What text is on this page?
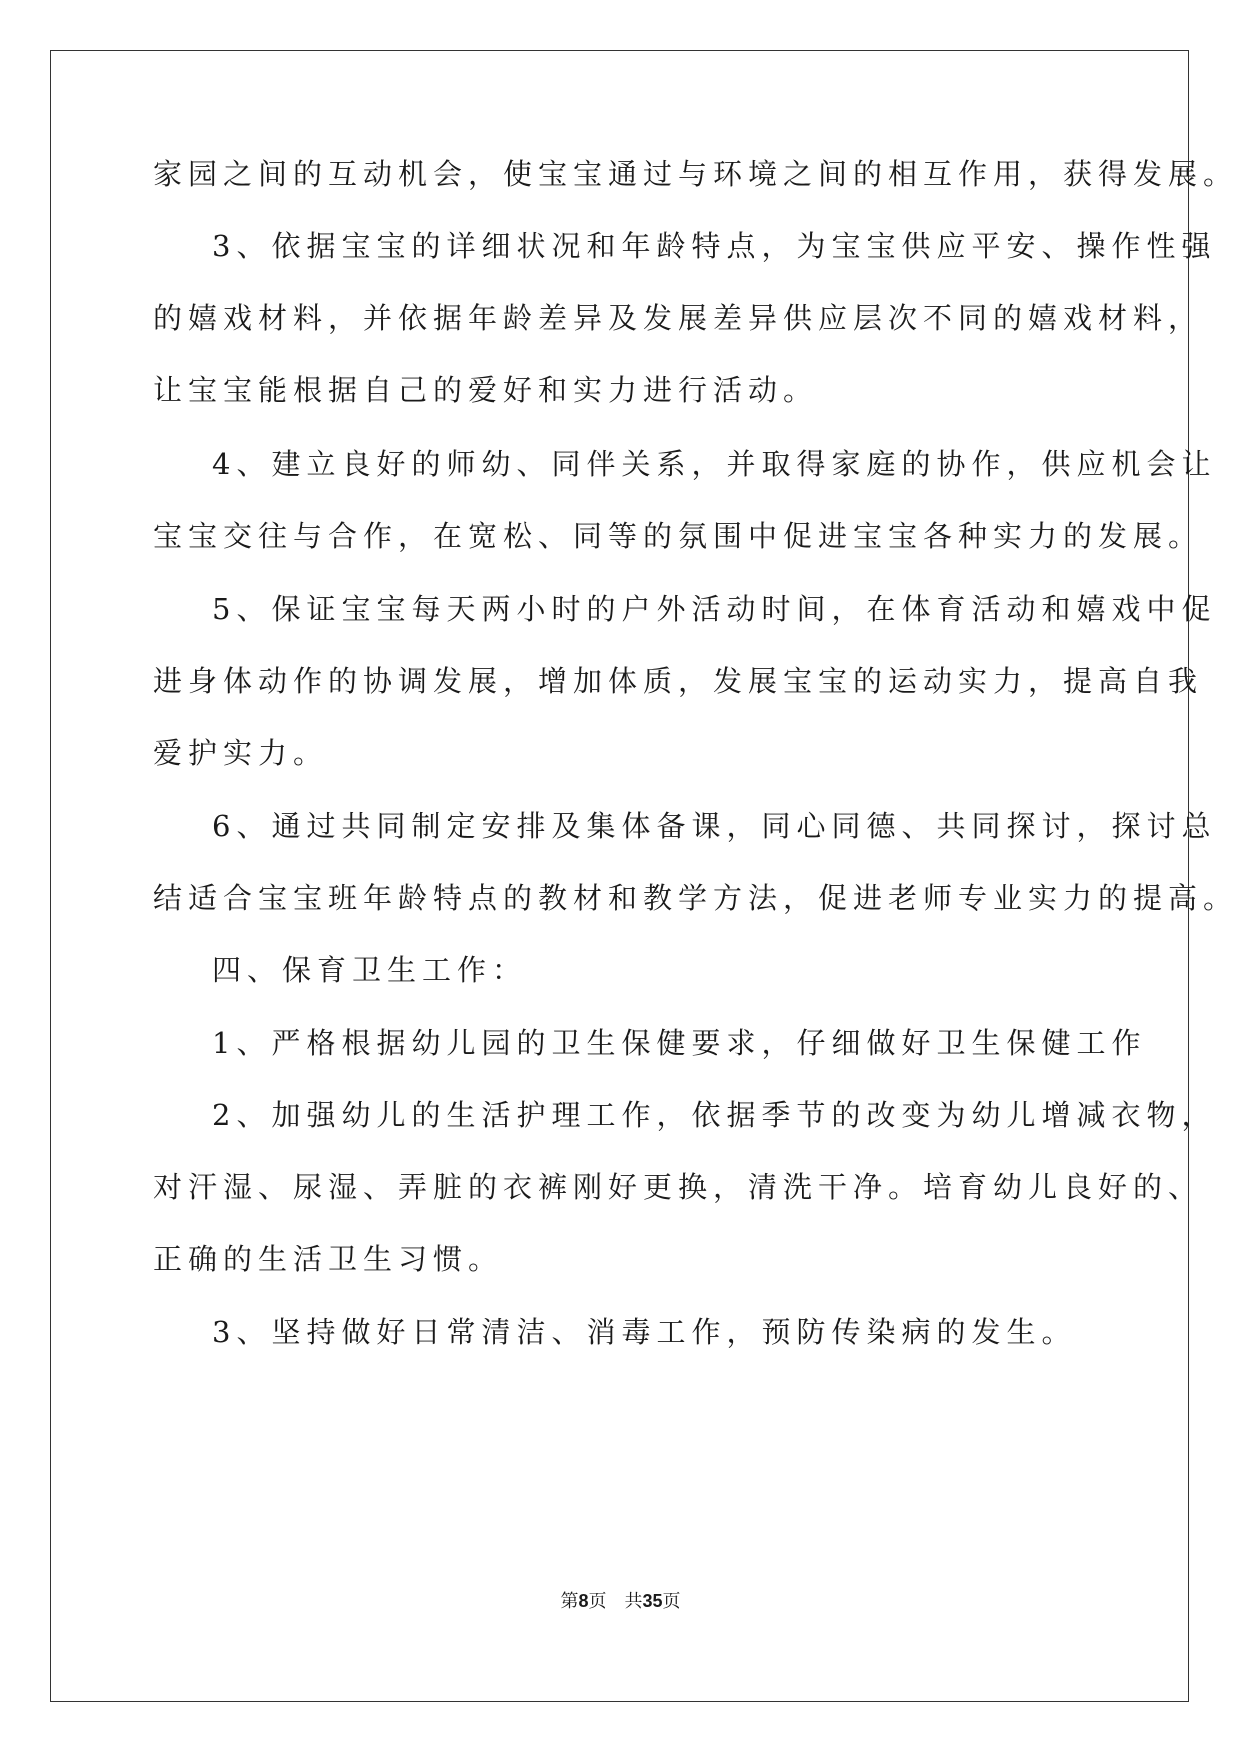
家园之间的互动机会，使宝宝通过与环境之间的相互作用，获得发展。
3、依据宝宝的详细状况和年龄特点，为宝宝供应平安、操作性强
的嬉戏材料，并依据年龄差异及发展差异供应层次不同的嬉戏材料，
让宝宝能根据自己的爱好和实力进行活动。
4、建立良好的师幼、同伴关系，并取得家庭的协作，供应机会让
宝宝交往与合作，在宽松、同等的氛围中促进宝宝各种实力的发展。
5、保证宝宝每天两小时的户外活动时间，在体育活动和嬉戏中促
进身体动作的协调发展，增加体质，发展宝宝的运动实力，提高自我
爱护实力。
6、通过共同制定安排及集体备课，同心同德、共同探讨，探讨总
结适合宝宝班年龄特点的教材和教学方法，促进老师专业实力的提高。
四、保育卫生工作：
1、严格根据幼儿园的卫生保健要求，仔细做好卫生保健工作
2、加强幼儿的生活护理工作，依据季节的改变为幼儿增减衣物，
对汗湿、尿湿、弄脏的衣裤刚好更换，清洗干净。培育幼儿良好的、
正确的生活卫生习惯。
3、坚持做好日常清洁、消毒工作，预防传染病的发生。
第8页 共35页
